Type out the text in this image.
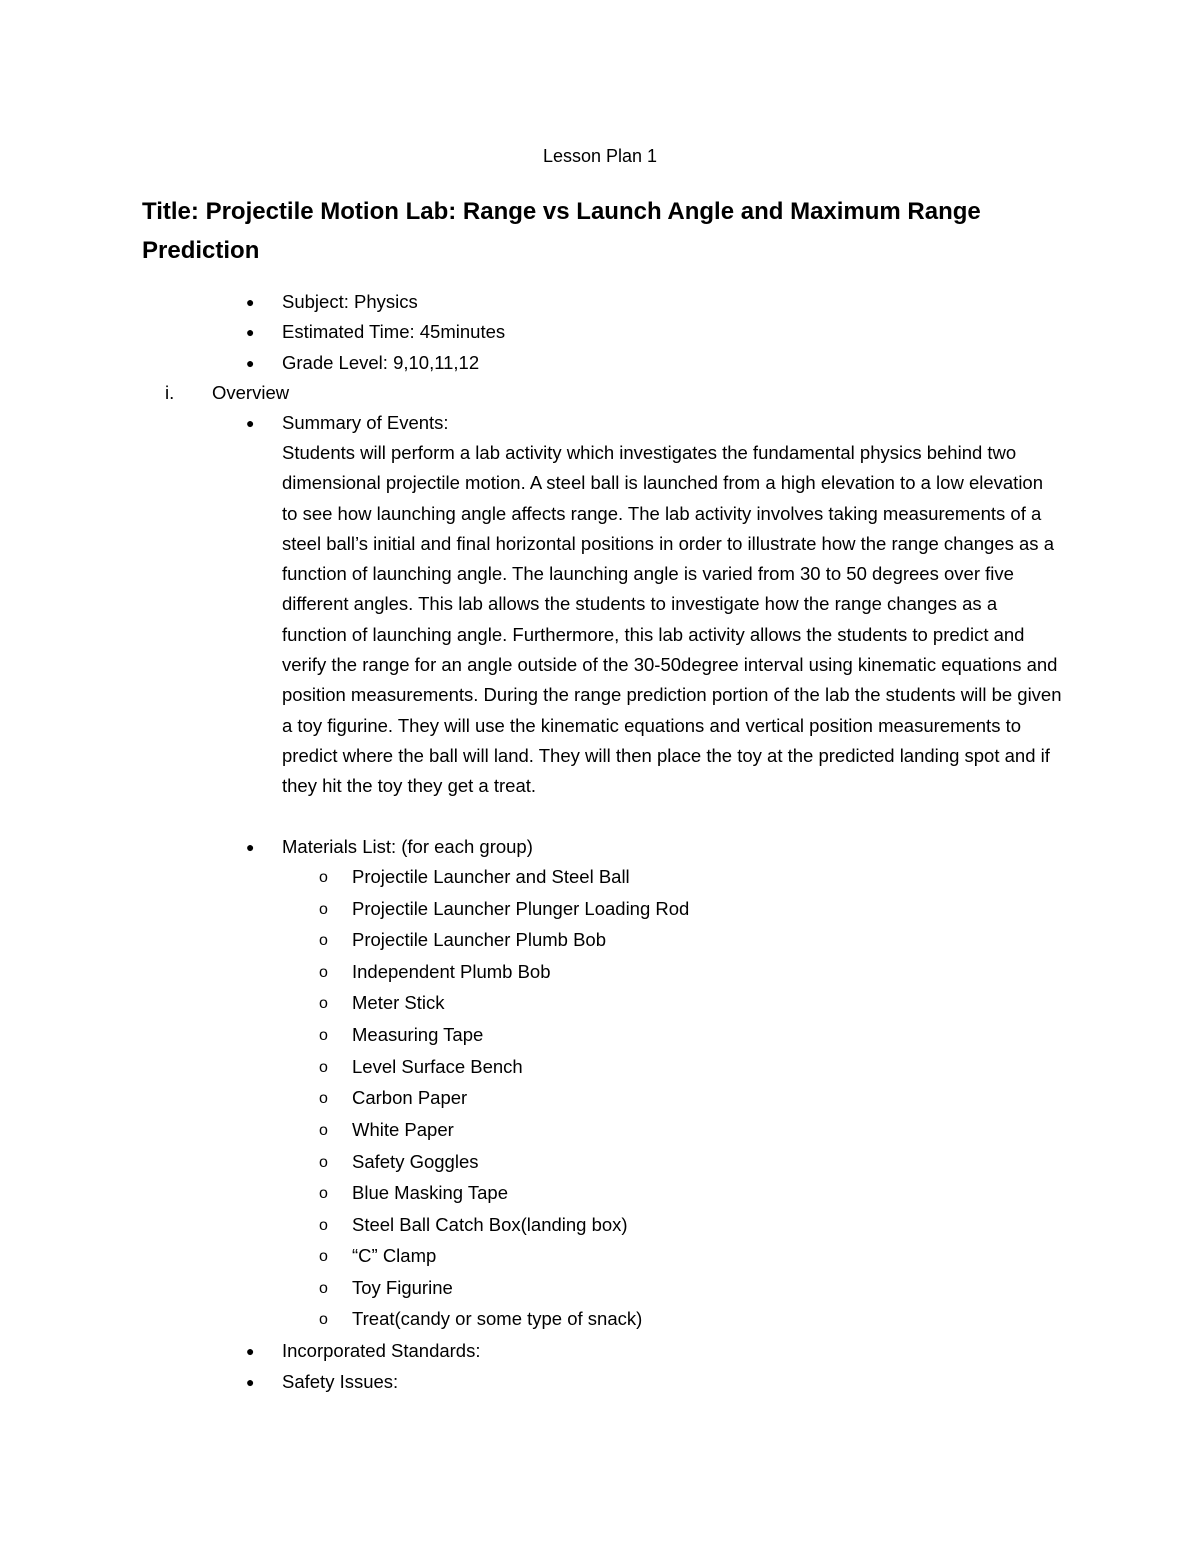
Lesson Plan 1
Title: Projectile Motion Lab: Range vs Launch Angle and Maximum Range Prediction
● Subject: Physics
● Estimated Time: 45minutes
● Grade Level: 9,10,11,12
i. Overview
● Summary of Events:
Students will perform a lab activity which investigates the fundamental physics behind two dimensional projectile motion. A steel ball is launched from a high elevation to a low elevation to see how launching angle affects range. The lab activity involves taking measurements of a steel ball’s initial and final horizontal positions in order to illustrate how the range changes as a function of launching angle. The launching angle is varied from 30 to 50 degrees over five different angles. This lab allows the students to investigate how the range changes as a function of launching angle. Furthermore, this lab activity allows the students to predict and verify the range for an angle outside of the 30-50degree interval using kinematic equations and position measurements. During the range prediction portion of the lab the students will be given a toy figurine. They will use the kinematic equations and vertical position measurements to predict where the ball will land. They will then place the toy at the predicted landing spot and if they hit the toy they get a treat.
● Materials List: (for each group)
o Projectile Launcher and Steel Ball
o Projectile Launcher Plunger Loading Rod
o Projectile Launcher Plumb Bob
o Independent Plumb Bob
o Meter Stick
o Measuring Tape
o Level Surface Bench
o Carbon Paper
o White Paper
o Safety Goggles
o Blue Masking Tape
o Steel Ball Catch Box(landing box)
o “C” Clamp
o Toy Figurine
o Treat(candy or some type of snack)
● Incorporated Standards:
● Safety Issues:
